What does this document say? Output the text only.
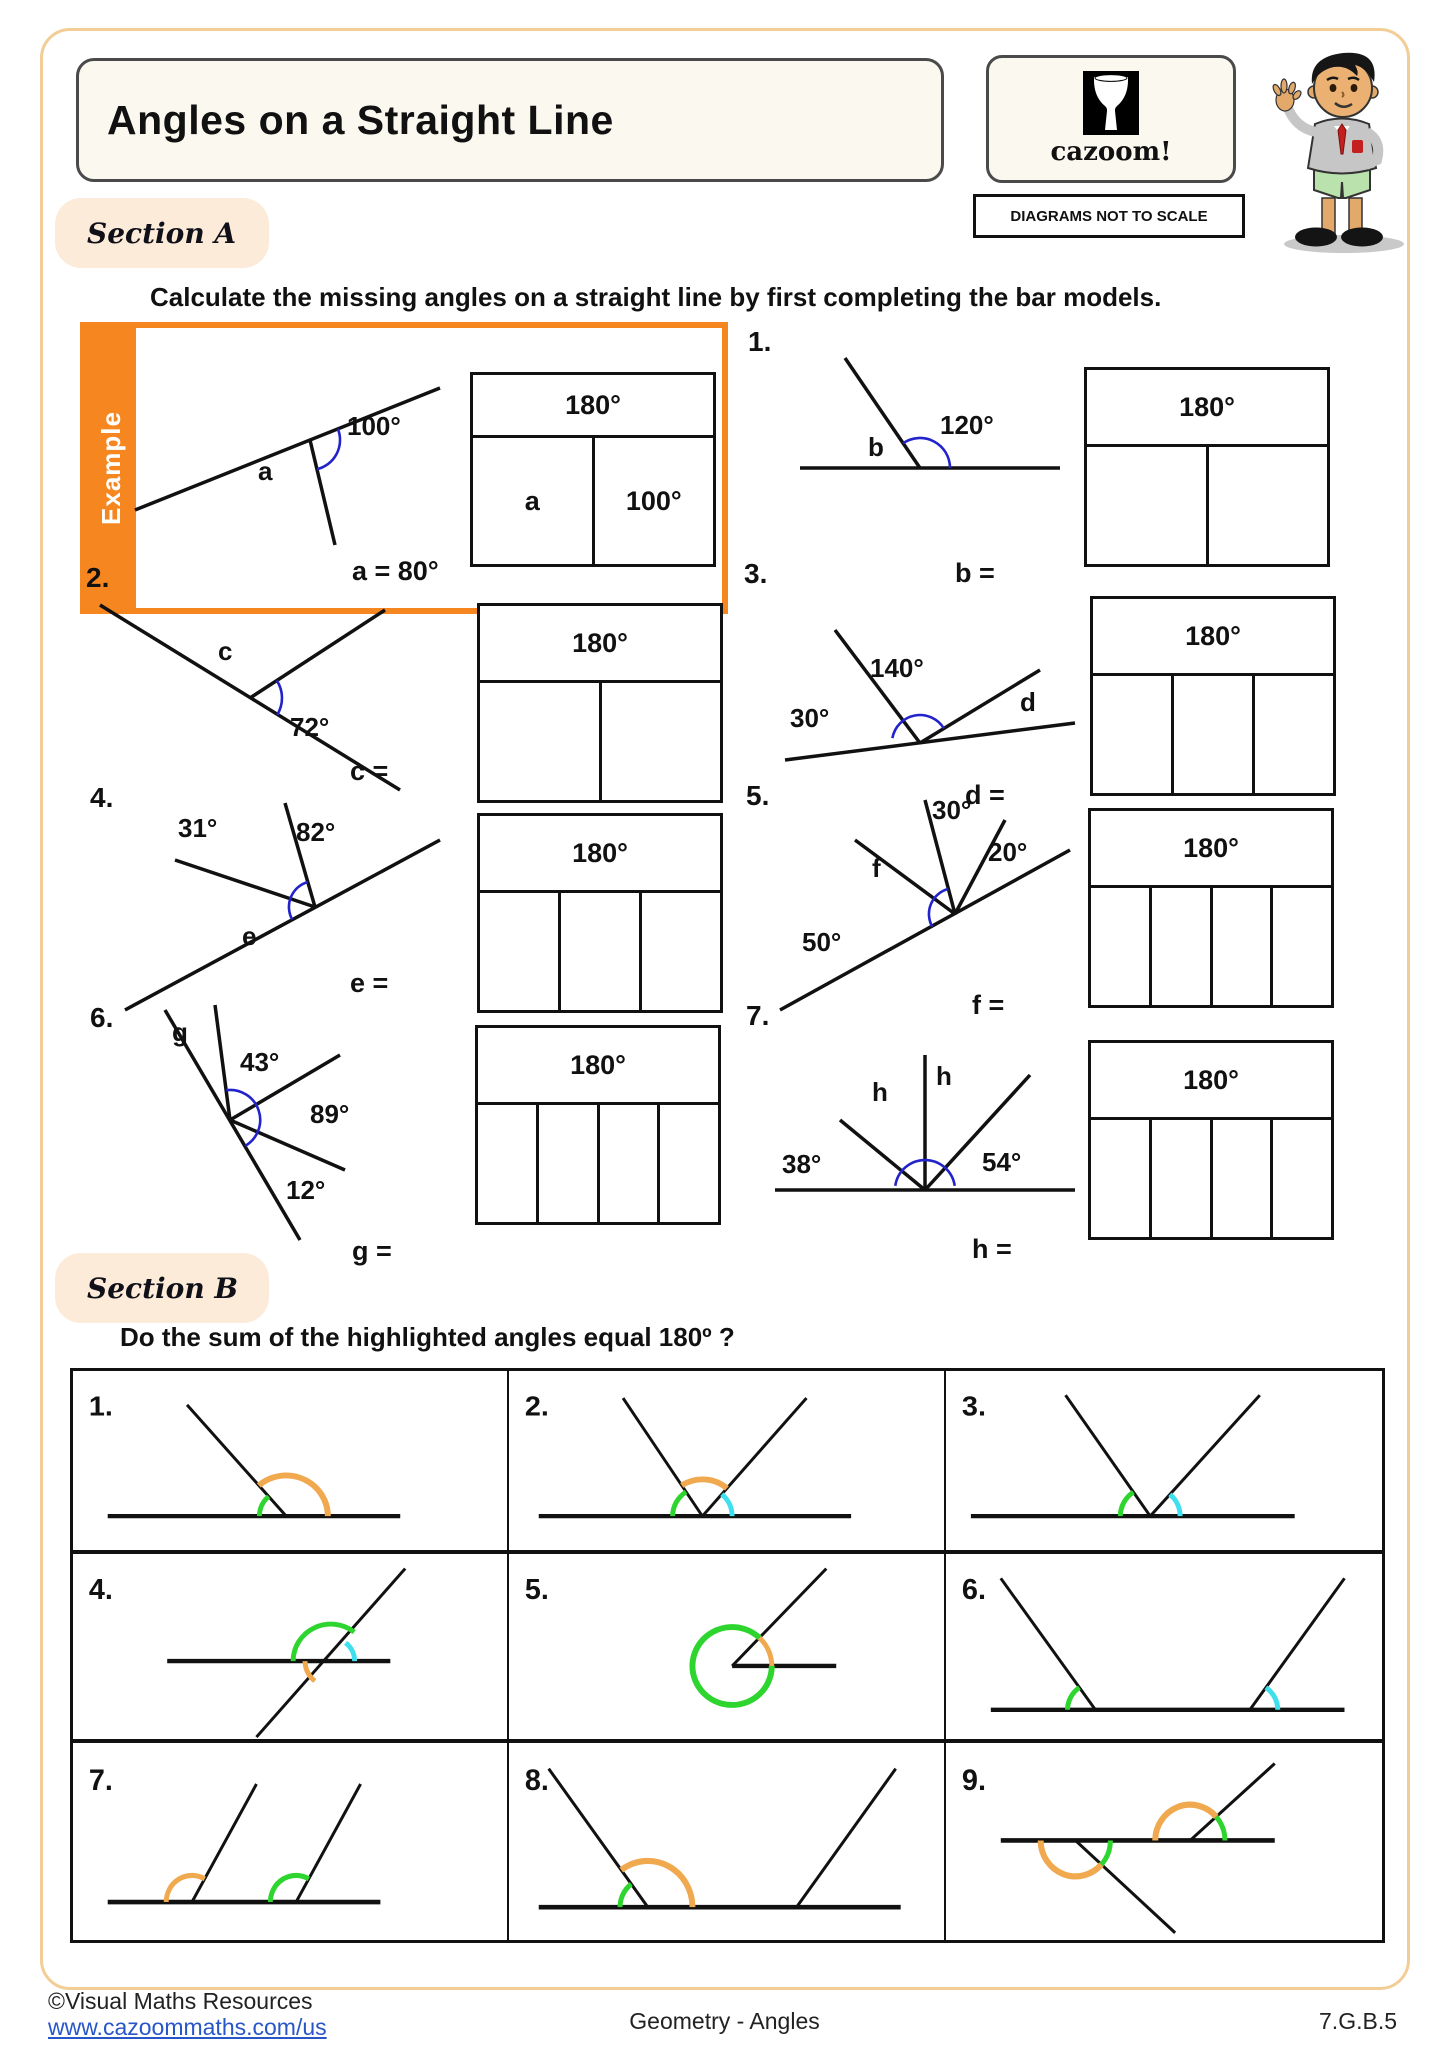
Angles on a Straight Line
cazoom!
DIAGRAMS NOT TO SCALE
Section A
Calculate the missing angles on a straight line by first completing the bar models.
Example	100°
a
a = 80°
180°
a	100°
1.
b
120°
b =
180°
2.
c
72°
c =
180°
3.
30°
140°
d
d =
180°
4.
31°	82°
e
e =
180°
5.
f
30°
20°
50°
f =
180°
6. g
43°
89°
12°
g =
180°
7.
38°
h
h
54°
h =
180°
Section B
Do the sum of the highlighted angles equal 180º ?
1.	2.	3.
4.	5.	6.
7.	8.	9.
©Visual Maths Resources
www.cazoommaths.com/us	Geometry - Angles	7.G.B.5
